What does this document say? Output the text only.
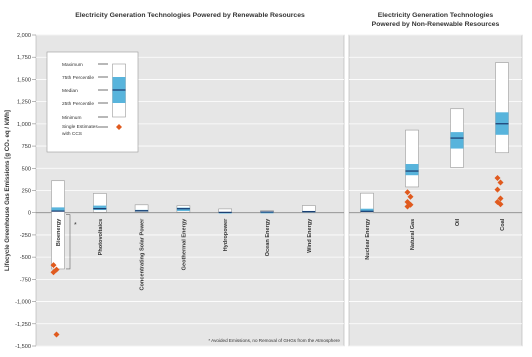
-1,500
-1,250
-1,000
-750
-500
-250
0
250
500
750
1,000
1,250
1,500
1,750
2,000
Lifecycle Greenhouse Gas Emissions [g CO₂ eq / kWh]	Bioenergy	Photovoltaics	Concentrating Solar Power	Geothermal Energy	Hydropower	Ocean Energy	Wind Energy	Nuclear Energy	Natural Gas	Oil	Coal
*
* Avoided Emissions, no Removal of GHGs from the Atmosphere
Maximum
75th Percentile
Median
25th Percentile
Minimum
Single Estimates
with CCS
Electricity Generation Technologies Powered by Renewable Resources	Electricity Generation Technologies
Powered by Non-Renewable Resources
